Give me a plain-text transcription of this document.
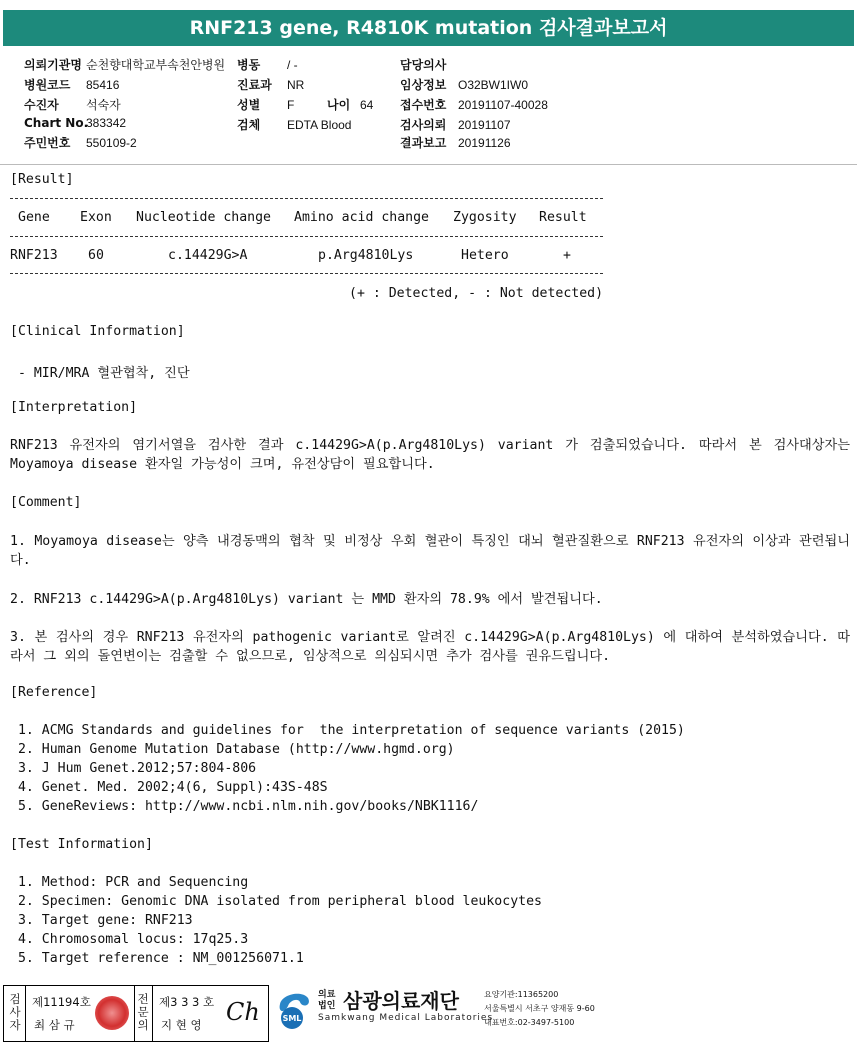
RNF213 gene, R4810K mutation 검사결과보고서
의뢰기관명 순천향대학교부속천안병원
병원코드 85416
수진자 석숙자
Chart No.383342
주민번호 550109-2
병동 / -
진료과 NR
성별 F	나이 64
검체 EDTA Blood
담당의사
임상정보 O32BW1IW0
접수번호 20191107-40028
검사의뢰 20191107
결과보고 20191126
[Result]
Gene Exon Nucleotide change Amino acid change Zygosity Result
RNF213 60	c.14429G>A	p.Arg4810Lys	Hetero	+
(+ : Detected, - : Not detected)
[Clinical Information]
- MIR/MRA 혈관협착, 진단
[Interpretation]
RNF213 유전자의 염기서열을 검사한 결과 c.14429G>A(p.Arg4810Lys) variant 가 검출되었습니다. 따라서 본 검사대상자는 Moyamoya disease 환자일 가능성이 크며, 유전상담이 필요합니다.
[Comment]
1. Moyamoya disease는 양측 내경동맥의 협착 및 비정상 우회 혈관이 특징인 대뇌 혈관질환으로 RNF213 유전자의 이상과 관련됩니다.
2. RNF213 c.14429G>A(p.Arg4810Lys) variant 는 MMD 환자의 78.9% 에서 발견됩니다.
3. 본 검사의 경우 RNF213 유전자의 pathogenic variant로 알려진 c.14429G>A(p.Arg4810Lys) 에 대하여 분석하였습니다. 따라서 그 외의 돌연변이는 검출할 수 없으므로, 임상적으로 의심되시면 추가 검사를 권유드립니다.
[Reference]
1. ACMG Standards and guidelines for  the interpretation of sequence variants (2015)
2. Human Genome Mutation Database (http://www.hgmd.org)
3. J Hum Genet.2012;57:804-806
4. Genet. Med. 2002;4(6, Suppl):43S-48S
5. GeneReviews: http://www.ncbi.nlm.nih.gov/books/NBK1116/
[Test Information]
1. Method: PCR and Sequencing
2. Specimen: Genomic DNA isolated from peripheral blood leukocytes
3. Target gene: RNF213
4. Chromosomal locus: 17q25.3
5. Target reference : NM_001256071.1
검사자
제11194호
최 삼 규
전문의
제3 3 3 호
지 현 영 Ch	SML
의료
법인 삼광의료재단
Samkwang Medical Laboratories
요양기관:11365200
서울특별시 서초구 양재동 9-60
대표번호:02-3497-5100
